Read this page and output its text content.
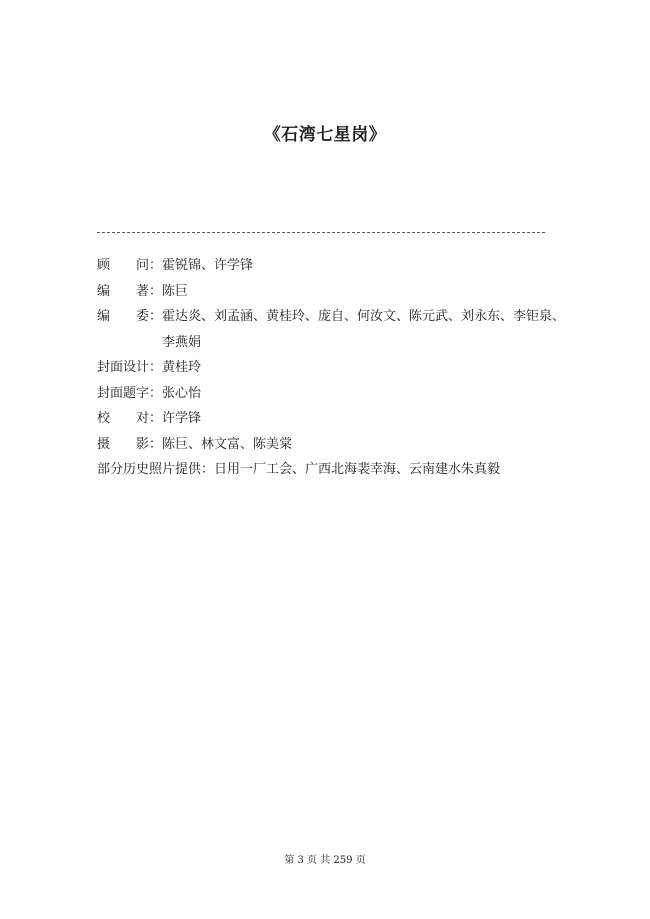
《石湾七星岗》
顾 问 ： 霍锐锦、许学锋
编 著 ： 陈巨
编 委 ： 霍达炎、刘孟涵、黄桂玲、庞自、何汝文、陈元武、刘永东、李钜泉、
李燕娟
封面设计 ： 黄桂玲
封面题字 ： 张心怡
校 对 ： 许学锋
摄 影 ： 陈巨、林文富、陈美棠
部分历史照片提供 ： 日用一厂工会、广西北海裴幸海、云南建水朱真毅
第 3 页 共 259 页
